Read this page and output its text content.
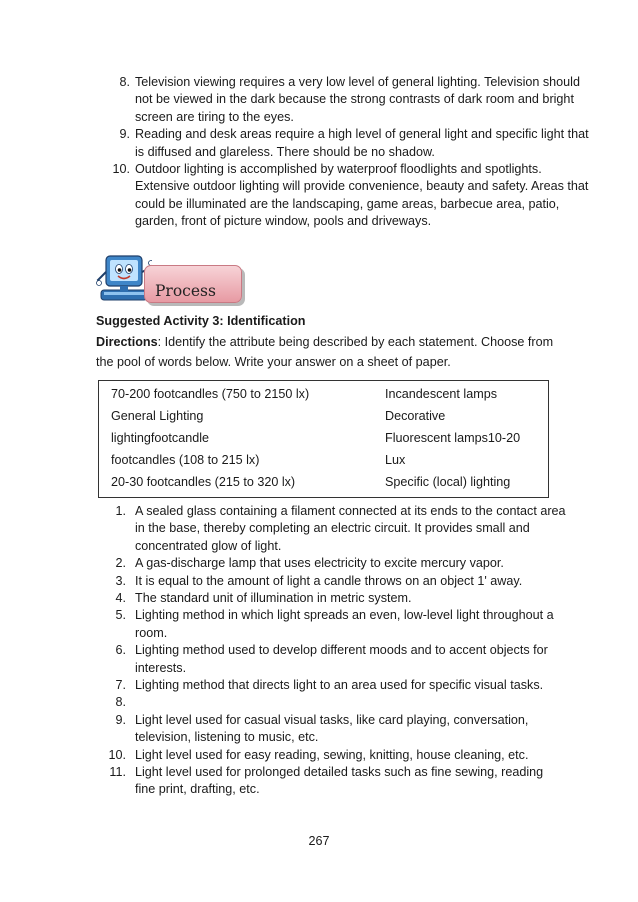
8. Television viewing requires a very low level of general lighting. Television should not be viewed in the dark because the strong contrasts of dark room and bright screen are tiring to the eyes.
9. Reading and desk areas require a high level of general light and specific light that is diffused and glareless. There should be no shadow.
10. Outdoor lighting is accomplished by waterproof floodlights and spotlights. Extensive outdoor lighting will provide convenience, beauty and safety. Areas that could be illuminated are the landscaping, game areas, barbecue area, patio, garden, front of picture window, pools and driveways.
Process
Suggested Activity 3: Identification
Directions: Identify the attribute being described by each statement. Choose from the pool of words below. Write your answer on a sheet of paper.
70-200 footcandles (750 to 2150 lx)	Incandescent lamps
General Lighting	Decorative
lightingfootcandle	Fluorescent lamps10-20
footcandles (108 to 215 lx)	Lux
20-30 footcandles (215 to 320 lx)	Specific (local) lighting
1. A sealed glass containing a filament connected at its ends to the contact area in the base, thereby completing an electric circuit. It provides small and concentrated glow of light.
2. A gas-discharge lamp that uses electricity to excite mercury vapor.
3. It is equal to the amount of light a candle throws on an object 1' away.
4. The standard unit of illumination in metric system.
5. Lighting method in which light spreads an even, low-level light throughout a room.
6. Lighting method used to develop different moods and to accent objects for interests.
7. Lighting method that directs light to an area used for specific visual tasks.
8.
9. Light level used for casual visual tasks, like card playing, conversation, television, listening to music, etc.
10. Light level used for easy reading, sewing, knitting, house cleaning, etc.
11. Light level used for prolonged detailed tasks such as fine sewing, reading fine print, drafting, etc.
267
